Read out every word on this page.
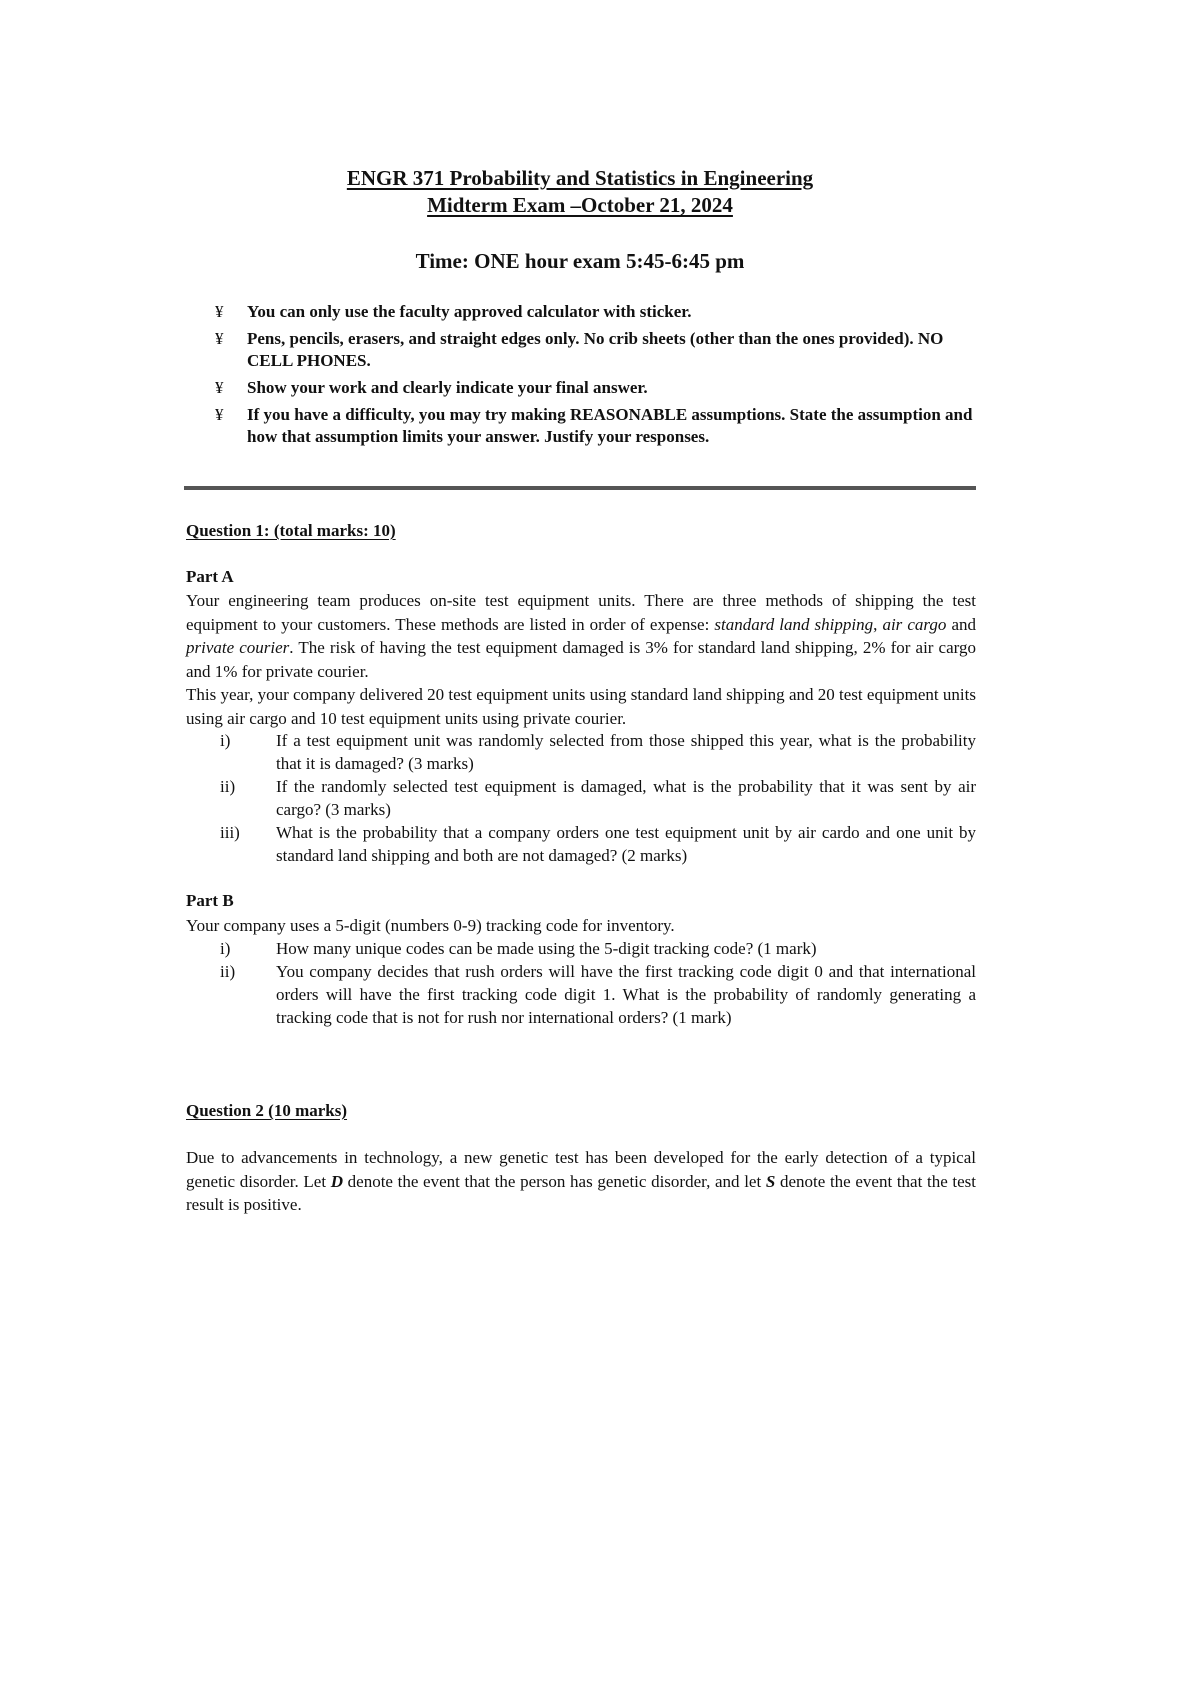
ENGR 371 Probability and Statistics in Engineering
Midterm Exam –October 21, 2024
Time: ONE hour exam 5:45-6:45 pm
¥ You can only use the faculty approved calculator with sticker.
¥ Pens, pencils, erasers, and straight edges only. No crib sheets (other than the ones provided). NO CELL PHONES.
¥ Show your work and clearly indicate your final answer.
¥ If you have a difficulty, you may try making REASONABLE assumptions. State the assumption and how that assumption limits your answer. Justify your responses.
Question 1: (total marks: 10)
Part A
Your engineering team produces on-site test equipment units. There are three methods of shipping the test equipment to your customers. These methods are listed in order of expense: standard land shipping, air cargo and private courier. The risk of having the test equipment damaged is 3% for standard land shipping, 2% for air cargo and 1% for private courier.
This year, your company delivered 20 test equipment units using standard land shipping and 20 test equipment units using air cargo and 10 test equipment units using private courier.
i)	If a test equipment unit was randomly selected from those shipped this year, what is the probability that it is damaged? (3 marks)
ii)	If the randomly selected test equipment is damaged, what is the probability that it was sent by air cargo? (3 marks)
iii)	What is the probability that a company orders one test equipment unit by air cardo and one unit by standard land shipping and both are not damaged? (2 marks)
Part B
Your company uses a 5-digit (numbers 0-9) tracking code for inventory.
i)	How many unique codes can be made using the 5-digit tracking code? (1 mark)
ii)	You company decides that rush orders will have the first tracking code digit 0 and that international orders will have the first tracking code digit 1. What is the probability of randomly generating a tracking code that is not for rush nor international orders? (1 mark)
Question 2 (10 marks)
Due to advancements in technology, a new genetic test has been developed for the early detection of a typical genetic disorder. Let D denote the event that the person has genetic disorder, and let S denote the event that the test result is positive.
